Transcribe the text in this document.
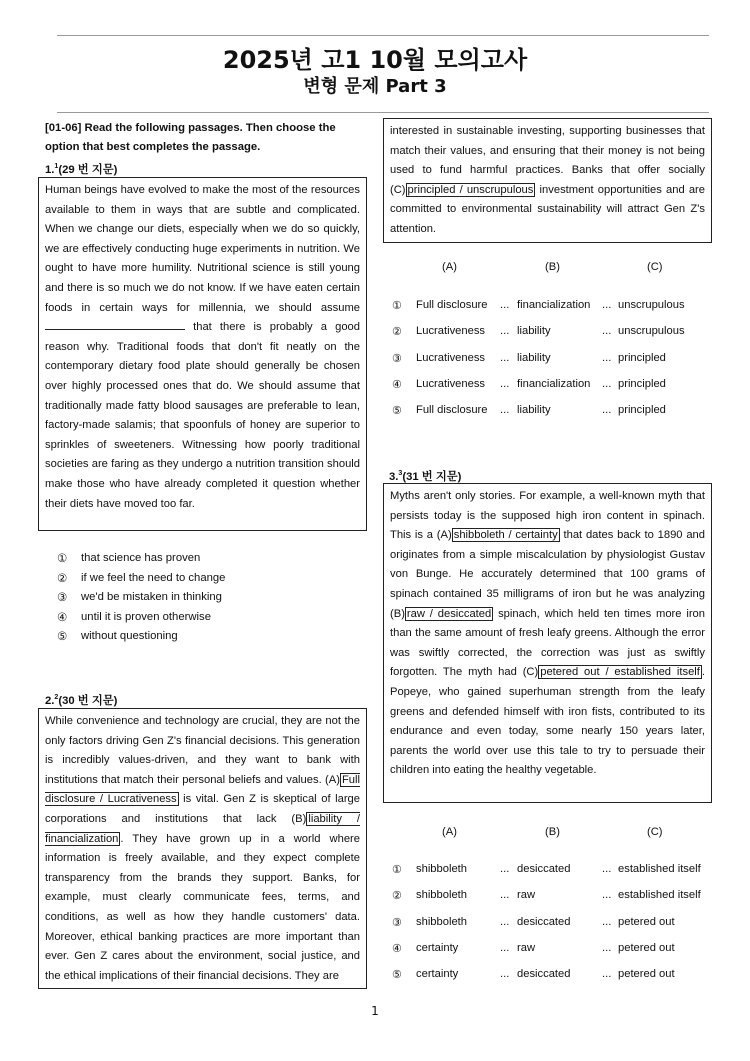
2025년 고1 10월 모의고사
변형 문제 Part 3
[01-06] Read the following passages. Then choose the option that best completes the passage.
1.$^1$(29 번 지문)
Human beings have evolved to make the most of the resources available to them in ways that are subtle and complicated. When we change our diets, especially when we do so quickly, we are effectively conducting huge experiments in nutrition. We ought to have more humility. Nutritional science is still young and there is so much we do not know. If we have eaten certain foods in certain ways for millennia, we should assume  that there is probably a good reason why. Traditional foods that don't fit neatly on the contemporary dietary food plate should generally be chosen over highly processed ones that do. We should assume that traditionally made fatty blood sausages are preferable to lean, factory-made salamis; that spoonfuls of honey are superior to sprinkles of sweeteners. Witnessing how poorly traditional societies are faring as they undergo a nutrition transition should make those who have already completed it question whether their diets have moved too far.
①	that science has proven
②	if we feel the need to change
③	we'd be mistaken in thinking
④	until it is proven otherwise
⑤	without questioning
2.$^2$(30 번 지문)
While convenience and technology are crucial, they are not the only factors driving Gen Z's financial decisions. This generation is incredibly values-driven, and they want to bank with institutions that match their personal beliefs and values. (A) Full disclosure / Lucrativeness is vital. Gen Z is skeptical of large corporations and institutions that lack (B) liability / financialization . They have grown up in a world where information is freely available, and they expect complete transparency from the brands they support. Banks, for example, must clearly communicate fees, terms, and conditions, as well as how they handle customers' data. Moreover, ethical banking practices are more important than ever. Gen Z cares about the environment, social justice, and the ethical implications of their financial decisions. They are
interested in sustainable investing, supporting businesses that match their values, and ensuring that their money is not being used to fund harmful practices. Banks that offer socially (C) principled / unscrupulous investment opportunities and are committed to environmental sustainability will attract Gen Z's attention.
(A)	(B)	(C)
① Full disclosure ... financialization ... unscrupulous
② Lucrativeness ... liability	... unscrupulous
③ Lucrativeness ... liability	... principled
④ Lucrativeness ... financialization ... principled
⑤ Full disclosure ... liability	... principled
3.$^3$(31 번 지문)
Myths aren't only stories. For example, a well-known myth that persists today is the supposed high iron content in spinach. This is a (A) shibboleth / certainty that dates back to 1890 and originates from a simple miscalculation by physiologist Gustav von Bunge. He accurately determined that 100 grams of spinach contained 35 milligrams of iron but he was analyzing (B) raw / desiccated spinach, which held ten times more iron than the same amount of fresh leafy greens. Although the error was swiftly corrected, the correction was just as swiftly forgotten. The myth had (C) petered out / established itself . Popeye, who gained superhuman strength from the leafy greens and defended himself with iron fists, contributed to its endurance and even today, some nearly 150 years later, parents the world over use this tale to try to persuade their children into eating the healthy vegetable.
(A)	(B)	(C)
① shibboleth	... desiccated	... established itself
② shibboleth	... raw	... established itself
③ shibboleth	... desiccated	... petered out
④ certainty	... raw	... petered out
⑤ certainty	... desiccated	... petered out
1
